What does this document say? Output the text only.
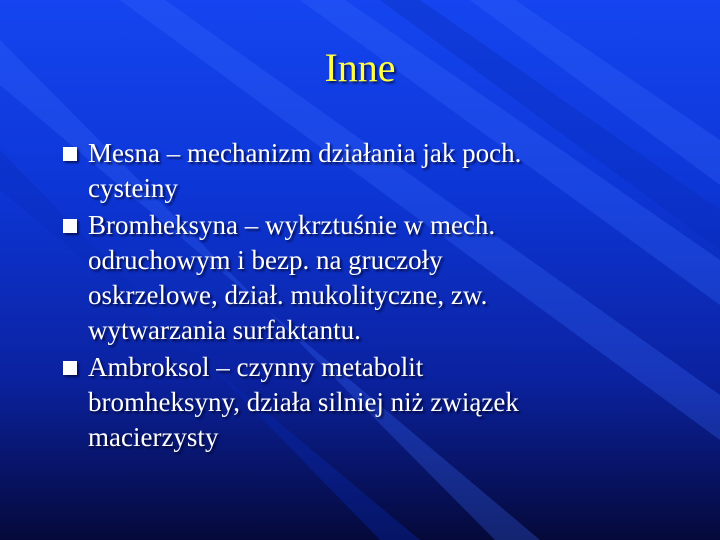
Inne
Mesna – mechanizm działania jak poch.
cysteiny
Bromheksyna – wykrztuśnie w mech.
odruchowym i bezp. na gruczoły
oskrzelowe, dział. mukolityczne, zw.
wytwarzania surfaktantu.
Ambroksol – czynny metabolit
bromheksyny, działa silniej niż związek
macierzysty
